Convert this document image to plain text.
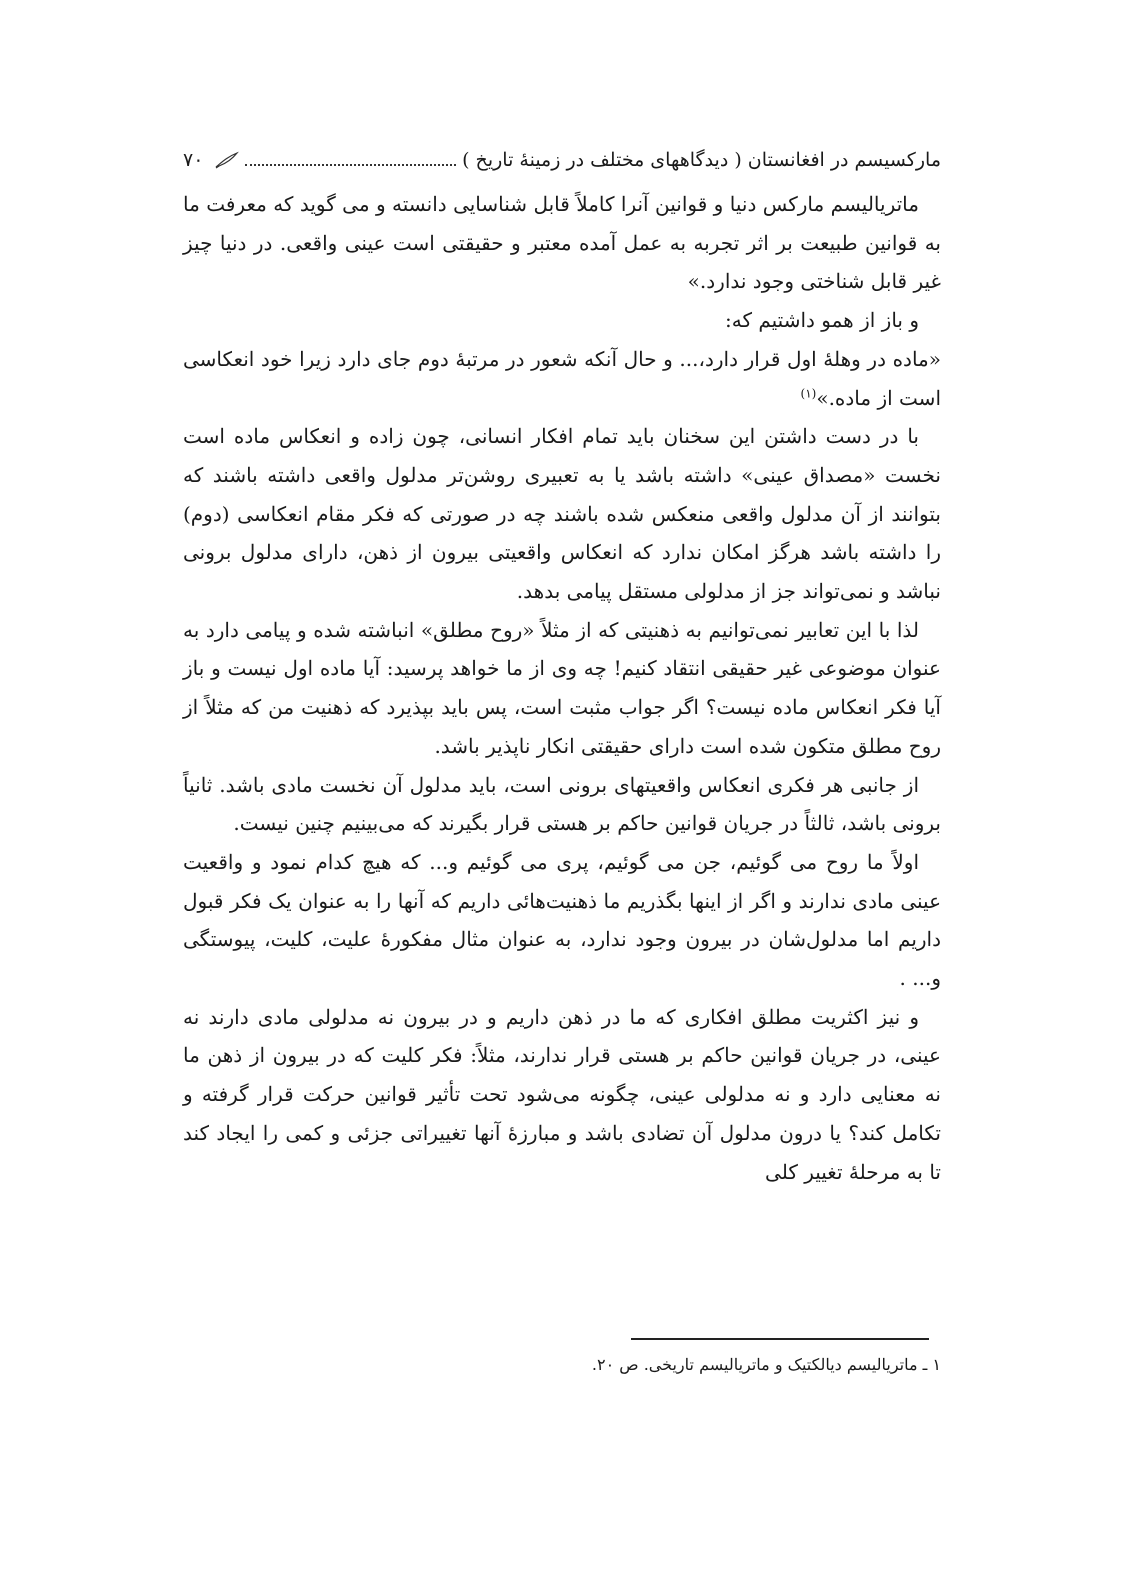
مارکسیسم در افغانستان ( دیدگاههای مختلف در زمینهٔ تاریخ )
۷۰

ماتریالیسم مارکس دنیا و قوانین آنرا کاملاً قابل شناسایی دانسته و می گوید که معرفت ما به قوانین طبیعت بر اثر تجربه به عمل آمده معتبر و حقیقتی است عینی واقعی. در دنیا چیز غیر قابل شناختی وجود ندارد.»

و باز از همو داشتیم که:

«ماده در وهلهٔ اول قرار دارد،... و حال آنکه شعور در مرتبهٔ دوم جای دارد زیرا خود انعکاسی است از ماده.»$^{(۱)}$

با در دست داشتن این سخنان باید تمام افکار انسانی، چون زاده و انعکاس ماده است نخست «مصداق عینی» داشته باشد یا به تعبیری روشن‌تر مدلول واقعی داشته باشند که بتوانند از آن مدلول واقعی منعکس شده باشند چه در صورتی که فکر مقام انعکاسی (دوم) را داشته باشد هرگز امکان ندارد که انعکاس واقعیتی بیرون از ذهن، دارای مدلول برونی نباشد و نمی‌تواند جز از مدلولی مستقل پیامی بدهد.

لذا با این تعابیر نمی‌توانیم به ذهنیتی که از مثلاً «روح مطلق» انباشته شده و پیامی دارد به عنوان موضوعی غیر حقیقی انتقاد کنیم! چه وی از ما خواهد پرسید: آیا ماده اول نیست و باز آیا فکر انعکاس ماده نیست؟ اگر جواب مثبت است، پس باید بپذیرد که ذهنیت من که مثلاً از روح مطلق متکون شده است دارای حقیقتی انکار ناپذیر باشد.

از جانبی هر فکری انعکاس واقعیتهای برونی است، باید مدلول آن نخست مادی باشد. ثانیاً برونی باشد، ثالثاً در جریان قوانین حاکم بر هستی قرار بگیرند که می‌بینیم چنین نیست.

اولاً ما روح می گوئیم، جن می گوئیم، پری می گوئیم و... که هیچ کدام نمود و واقعیت عینی مادی ندارند و اگر از اینها بگذریم ما ذهنیت‌هائی داریم که آنها را به عنوان یک فکر قبول داریم اما مدلول‌شان در بیرون وجود ندارد، به عنوان مثال مفکورهٔ علیت، کلیت، پیوستگی و... .

و نیز اکثریت مطلق افکاری که ما در ذهن داریم و در بیرون نه مدلولی مادی دارند نه عینی، در جریان قوانین حاکم بر هستی قرار ندارند، مثلاً: فکر کلیت که در بیرون از ذهن ما نه معنایی دارد و نه مدلولی عینی، چگونه می‌شود تحت تأثیر قوانین حرکت قرار گرفته و تکامل کند؟ یا درون مدلول آن تضادی باشد و مبارزهٔ آنها تغییراتی جزئی و کمی را ایجاد کند تا به مرحلهٔ تغییر کلی

۱ ـ ماتریالیسم دیالکتیک و ماتریالیسم تاریخی. ص ۲۰.
